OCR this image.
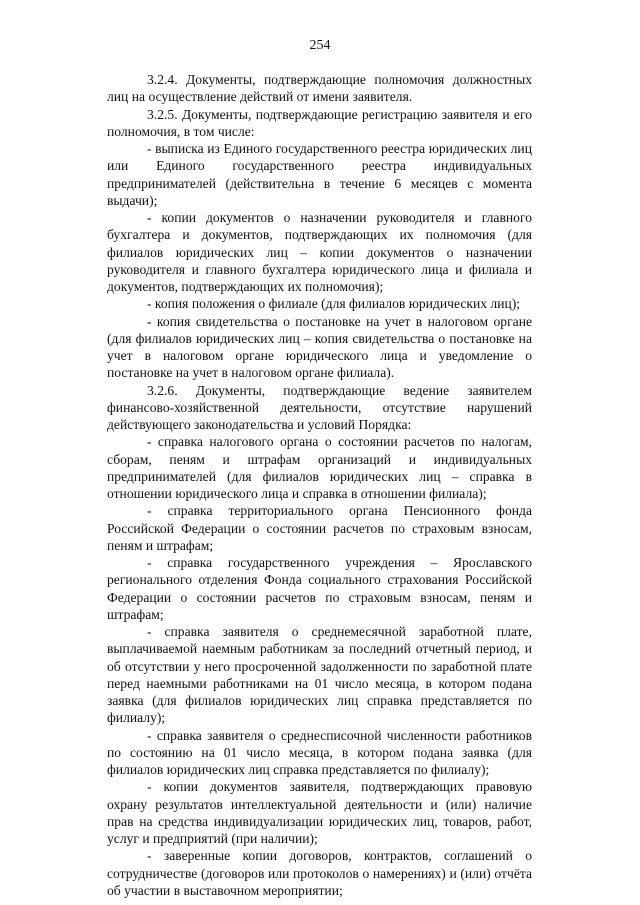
254

3.2.4. Документы, подтверждающие полномочия должностных лиц на осуществление действий от имени заявителя.

3.2.5. Документы, подтверждающие регистрацию заявителя и его полномочия, в том числе:

- выписка из Единого государственного реестра юридических лиц или Единого государственного реестра индивидуальных предпринимателей (действительна в течение 6 месяцев с момента выдачи);

- копии документов о назначении руководителя и главного бухгалтера и документов, подтверждающих их полномочия (для филиалов юридических лиц – копии документов о назначении руководителя и главного бухгалтера юридического лица и филиала и документов, подтверждающих их полномочия);

- копия положения о филиале (для филиалов юридических лиц);

- копия свидетельства о постановке на учет в налоговом органе (для филиалов юридических лиц – копия свидетельства о постановке на учет в налоговом органе юридического лица и уведомление о постановке на учет в налоговом органе филиала).

3.2.6. Документы, подтверждающие ведение заявителем финансово-хозяйственной деятельности, отсутствие нарушений действующего законодательства и условий Порядка:

- справка налогового органа о состоянии расчетов по налогам, сборам, пеням и штрафам организаций и индивидуальных предпринимателей (для филиалов юридических лиц – справка в отношении юридического лица и справка в отношении филиала);

- справка территориального органа Пенсионного фонда Российской Федерации о состоянии расчетов по страховым взносам, пеням и штрафам;

- справка государственного учреждения – Ярославского регионального отделения Фонда социального страхования Российской Федерации о состоянии расчетов по страховым взносам, пеням и штрафам;

- справка заявителя о среднемесячной заработной плате, выплачиваемой наемным работникам за последний отчетный период, и об отсутствии у него просроченной задолженности по заработной плате перед наемными работниками на 01 число месяца, в котором подана заявка (для филиалов юридических лиц справка представляется по филиалу);

- справка заявителя о среднесписочной численности работников по состоянию на 01 число месяца, в котором подана заявка (для филиалов юридических лиц справка представляется по филиалу);

- копии документов заявителя, подтверждающих правовую охрану результатов интеллектуальной деятельности и (или) наличие прав на средства индивидуализации юридических лиц, товаров, работ, услуг и предприятий (при наличии);

- заверенные копии договоров, контрактов, соглашений о сотрудничестве (договоров или протоколов о намерениях) и (или) отчёта об участии в выставочном мероприятии;
